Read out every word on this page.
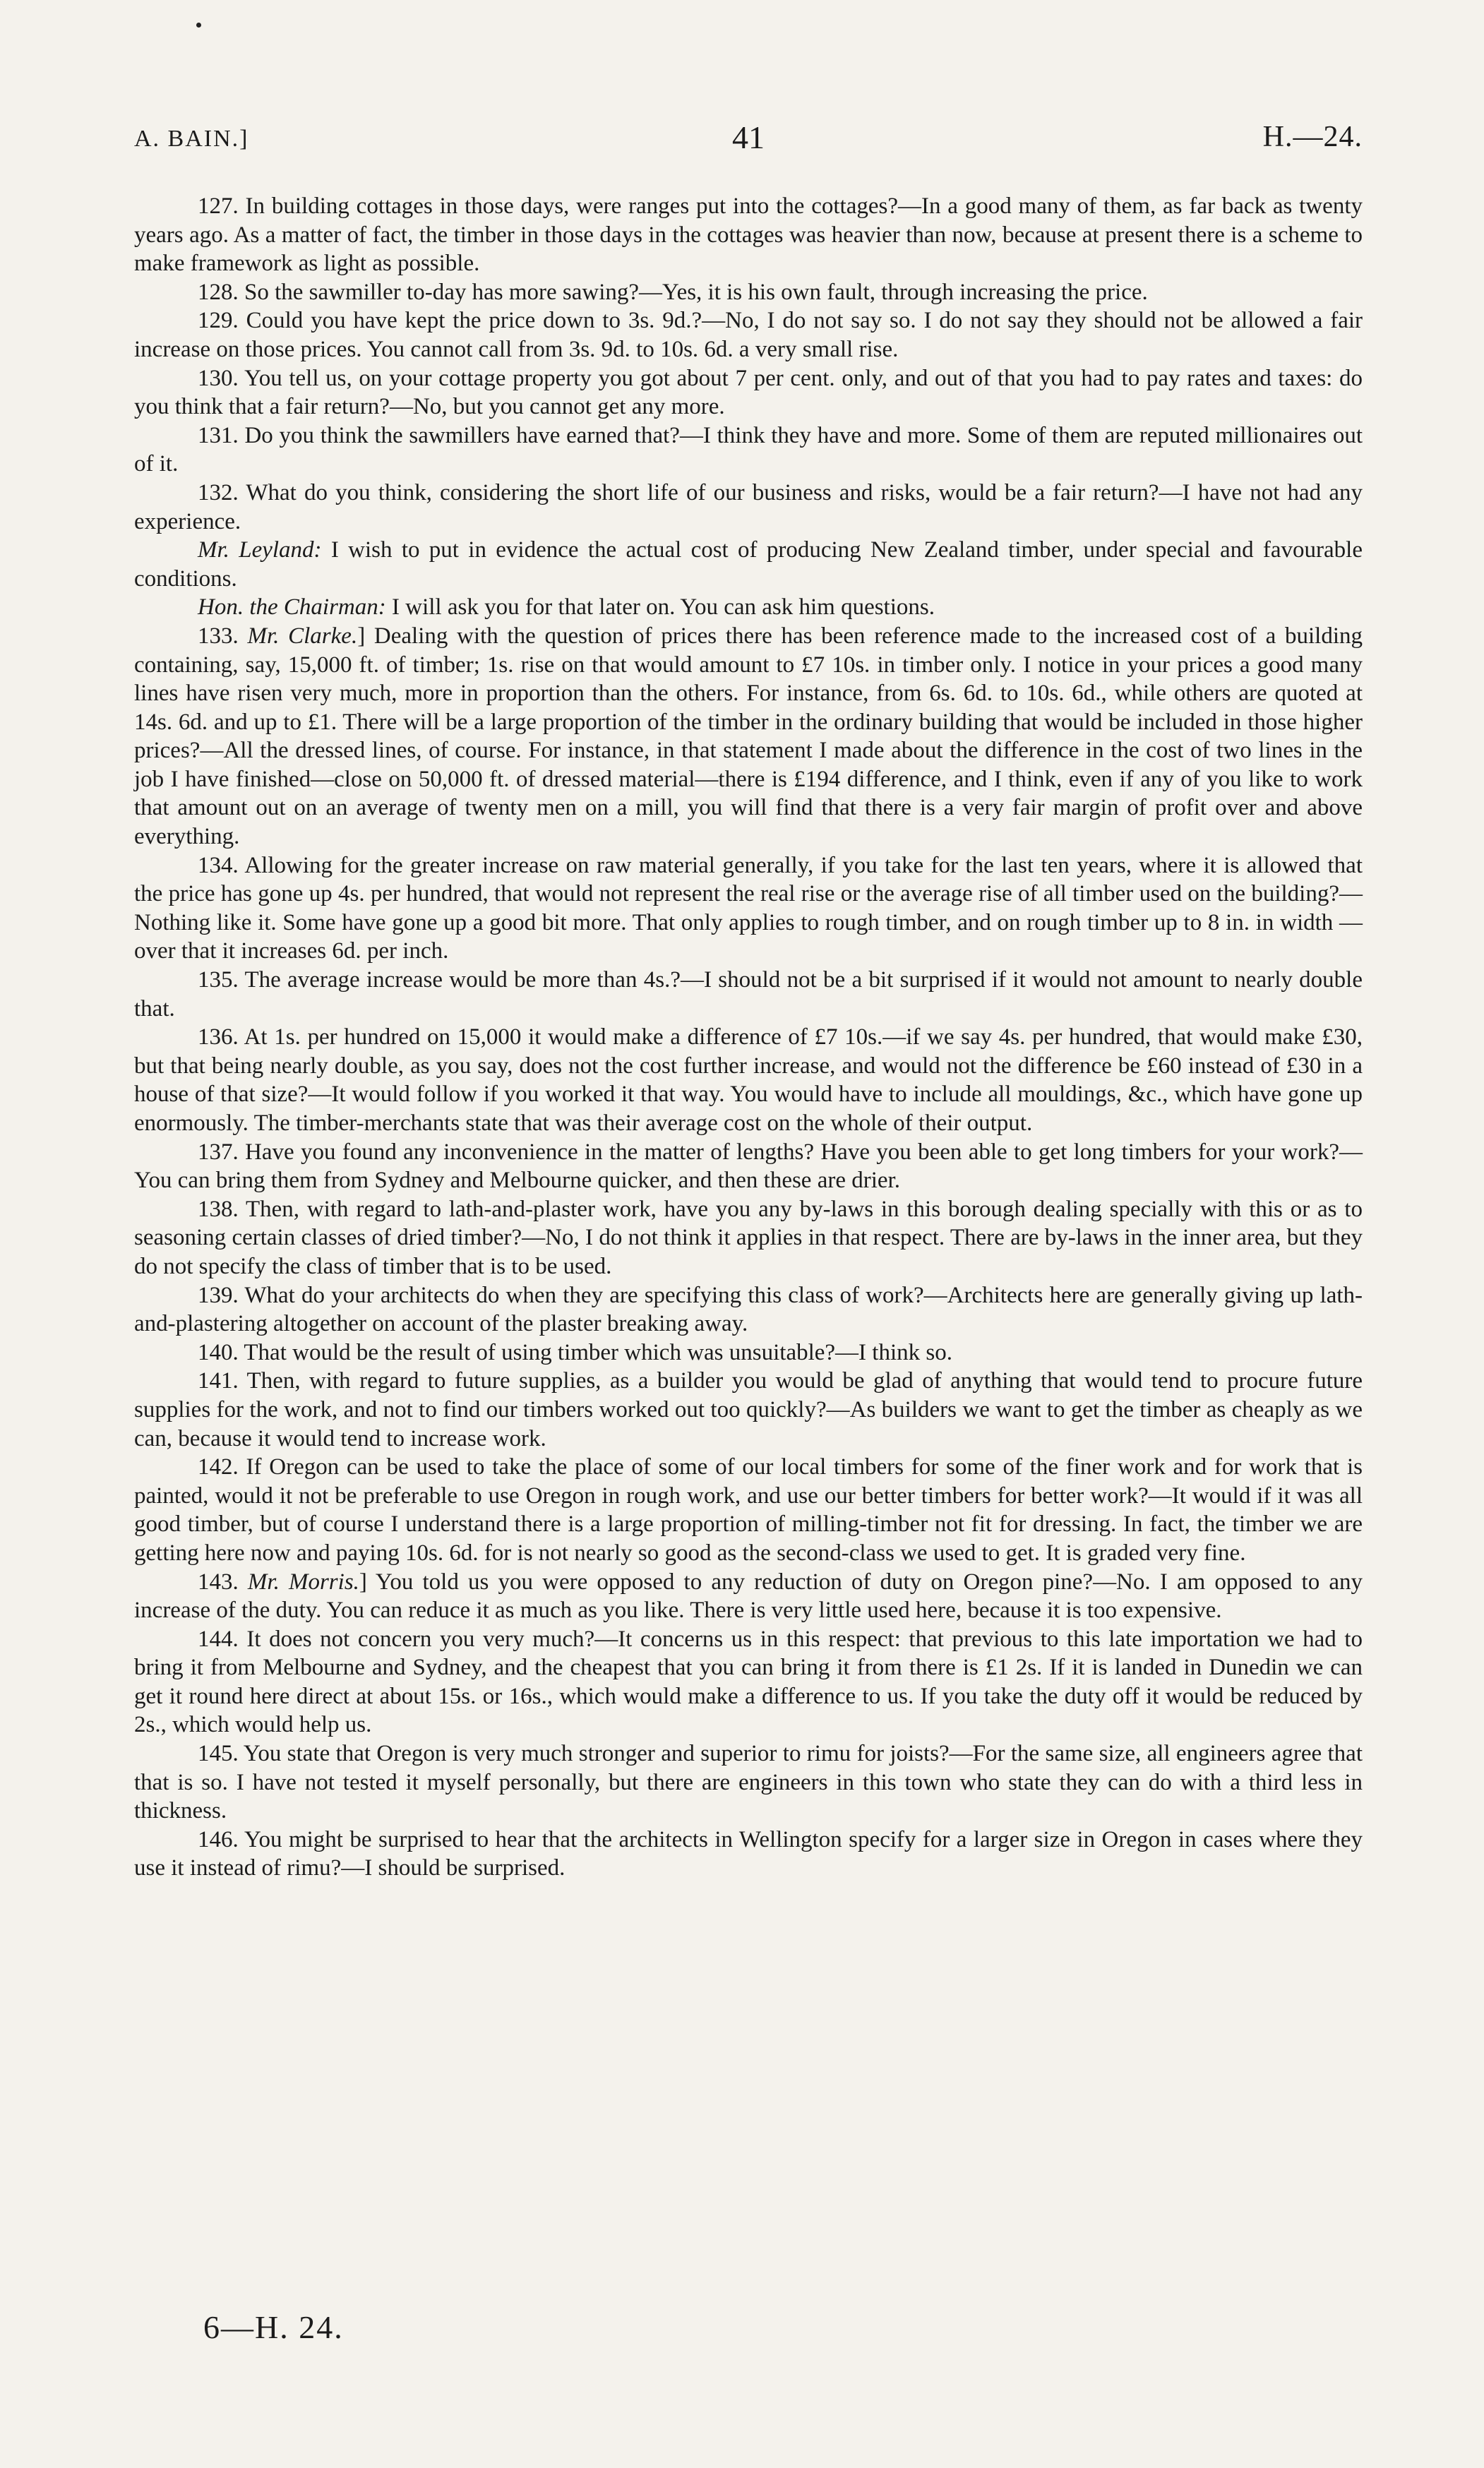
A. BAIN.]	41	H.—24.

127. In building cottages in those days, were ranges put into the cottages?—In a good many of them, as far back as twenty years ago. As a matter of fact, the timber in those days in the cottages was heavier than now, because at present there is a scheme to make framework as light as possible.

128. So the sawmiller to-day has more sawing?—Yes, it is his own fault, through increasing the price.

129. Could you have kept the price down to 3s. 9d.?—No, I do not say so. I do not say they should not be allowed a fair increase on those prices. You cannot call from 3s. 9d. to 10s. 6d. a very small rise.

130. You tell us, on your cottage property you got about 7 per cent. only, and out of that you had to pay rates and taxes: do you think that a fair return?—No, but you cannot get any more.

131. Do you think the sawmillers have earned that?—I think they have and more. Some of them are reputed millionaires out of it.

132. What do you think, considering the short life of our business and risks, would be a fair return?—I have not had any experience.

Mr. Leyland: I wish to put in evidence the actual cost of producing New Zealand timber, under special and favourable conditions.

Hon. the Chairman: I will ask you for that later on. You can ask him questions.

133. Mr. Clarke.] Dealing with the question of prices there has been reference made to the increased cost of a building containing, say, 15,000 ft. of timber; 1s. rise on that would amount to £7 10s. in timber only. I notice in your prices a good many lines have risen very much, more in proportion than the others. For instance, from 6s. 6d. to 10s. 6d., while others are quoted at 14s. 6d. and up to £1. There will be a large proportion of the timber in the ordinary building that would be included in those higher prices?—All the dressed lines, of course. For instance, in that statement I made about the difference in the cost of two lines in the job I have finished—close on 50,000 ft. of dressed material—there is £194 difference, and I think, even if any of you like to work that amount out on an average of twenty men on a mill, you will find that there is a very fair margin of profit over and above everything.

134. Allowing for the greater increase on raw material generally, if you take for the last ten years, where it is allowed that the price has gone up 4s. per hundred, that would not represent the real rise or the average rise of all timber used on the building?—Nothing like it. Some have gone up a good bit more. That only applies to rough timber, and on rough timber up to 8 in. in width —over that it increases 6d. per inch.

135. The average increase would be more than 4s.?—I should not be a bit surprised if it would not amount to nearly double that.

136. At 1s. per hundred on 15,000 it would make a difference of £7 10s.—if we say 4s. per hundred, that would make £30, but that being nearly double, as you say, does not the cost further increase, and would not the difference be £60 instead of £30 in a house of that size?—It would follow if you worked it that way. You would have to include all mouldings, &c., which have gone up enormously. The timber-merchants state that was their average cost on the whole of their output.

137. Have you found any inconvenience in the matter of lengths? Have you been able to get long timbers for your work?—You can bring them from Sydney and Melbourne quicker, and then these are drier.

138. Then, with regard to lath-and-plaster work, have you any by-laws in this borough dealing specially with this or as to seasoning certain classes of dried timber?—No, I do not think it applies in that respect. There are by-laws in the inner area, but they do not specify the class of timber that is to be used.

139. What do your architects do when they are specifying this class of work?—Architects here are generally giving up lath-and-plastering altogether on account of the plaster breaking away.

140. That would be the result of using timber which was unsuitable?—I think so.

141. Then, with regard to future supplies, as a builder you would be glad of anything that would tend to procure future supplies for the work, and not to find our timbers worked out too quickly?—As builders we want to get the timber as cheaply as we can, because it would tend to increase work.

142. If Oregon can be used to take the place of some of our local timbers for some of the finer work and for work that is painted, would it not be preferable to use Oregon in rough work, and use our better timbers for better work?—It would if it was all good timber, but of course I understand there is a large proportion of milling-timber not fit for dressing. In fact, the timber we are getting here now and paying 10s. 6d. for is not nearly so good as the second-class we used to get. It is graded very fine.

143. Mr. Morris.] You told us you were opposed to any reduction of duty on Oregon pine?—No. I am opposed to any increase of the duty. You can reduce it as much as you like. There is very little used here, because it is too expensive.

144. It does not concern you very much?—It concerns us in this respect: that previous to this late importation we had to bring it from Melbourne and Sydney, and the cheapest that you can bring it from there is £1 2s. If it is landed in Dunedin we can get it round here direct at about 15s. or 16s., which would make a difference to us. If you take the duty off it would be reduced by 2s., which would help us.

145. You state that Oregon is very much stronger and superior to rimu for joists?—For the same size, all engineers agree that that is so. I have not tested it myself personally, but there are engineers in this town who state they can do with a third less in thickness.

146. You might be surprised to hear that the architects in Wellington specify for a larger size in Oregon in cases where they use it instead of rimu?—I should be surprised.

6—H. 24.
